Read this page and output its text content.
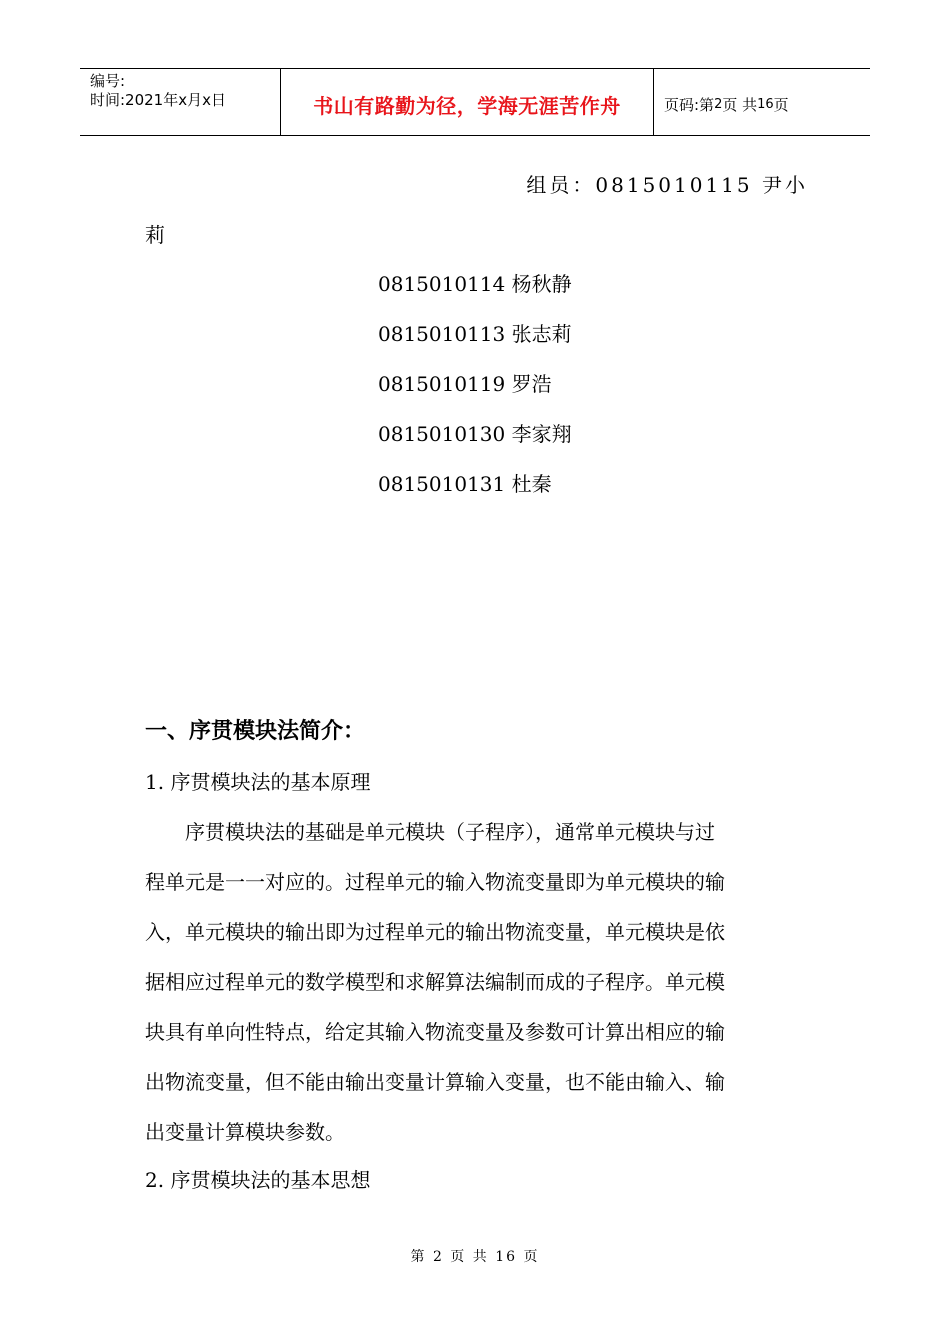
编号:
时间:2021年x月x日	书山有路勤为径，学海无涯苦作舟	页码:第 2 页 共 16 页
组员：0815010115 尹小
莉
0815010114 杨秋静
0815010113 张志莉
0815010119 罗浩
0815010130 李家翔
0815010131 杜秦
一、序贯模块法简介：
1. 序贯模块法的基本原理
　　序贯模块法的基础是单元模块（子程序），通常单元模块与过
程单元是一一对应的。过程单元的输入物流变量即为单元模块的输
入，单元模块的输出即为过程单元的输出物流变量，单元模块是依
据相应过程单元的数学模型和求解算法编制而成的子程序。单元模
块具有单向性特点，给定其输入物流变量及参数可计算出相应的输
出物流变量，但不能由输出变量计算输入变量，也不能由输入、输
出变量计算模块参数。
2. 序贯模块法的基本思想
第 2 页 共 16 页
